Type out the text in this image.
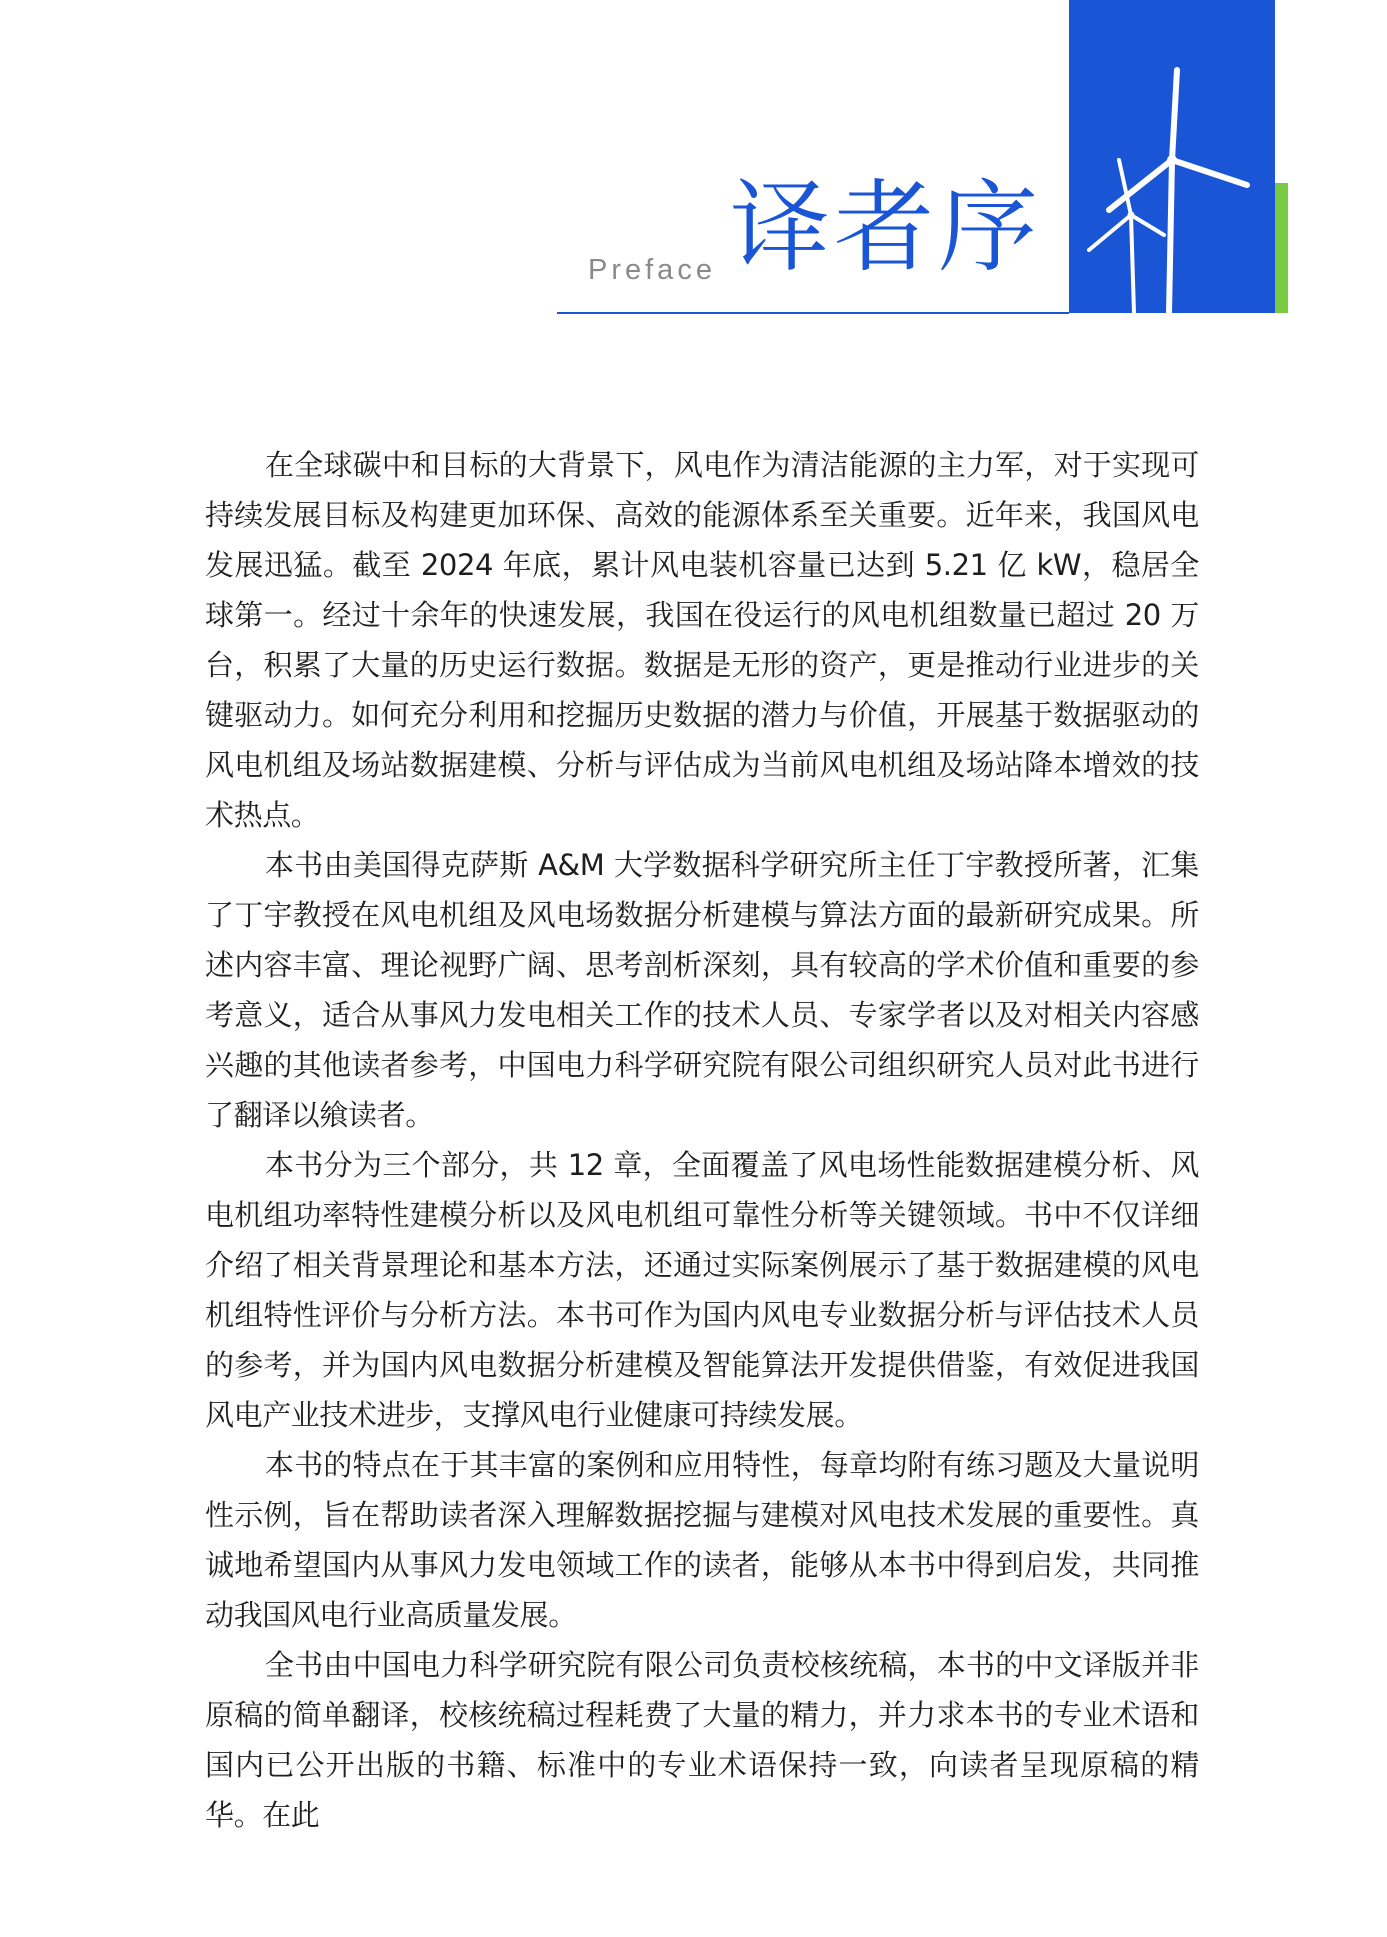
Preface 译者序

在全球碳中和目标的大背景下，风电作为清洁能源的主力军，对于实现可持续发展目标及构建更加环保、高效的能源体系至关重要。近年来，我国风电发展迅猛。截至 2024 年底，累计风电装机容量已达到 5.21 亿 kW，稳居全球第一。经过十余年的快速发展，我国在役运行的风电机组数量已超过 20 万台，积累了大量的历史运行数据。数据是无形的资产，更是推动行业进步的关键驱动力。如何充分利用和挖掘历史数据的潜力与价值，开展基于数据驱动的风电机组及场站数据建模、分析与评估成为当前风电机组及场站降本增效的技术热点。

本书由美国得克萨斯 A&M 大学数据科学研究所主任丁宇教授所著，汇集了丁宇教授在风电机组及风电场数据分析建模与算法方面的最新研究成果。所述内容丰富、理论视野广阔、思考剖析深刻，具有较高的学术价值和重要的参考意义，适合从事风力发电相关工作的技术人员、专家学者以及对相关内容感兴趣的其他读者参考，中国电力科学研究院有限公司组织研究人员对此书进行了翻译以飨读者。

本书分为三个部分，共 12 章，全面覆盖了风电场性能数据建模分析、风电机组功率特性建模分析以及风电机组可靠性分析等关键领域。书中不仅详细介绍了相关背景理论和基本方法，还通过实际案例展示了基于数据建模的风电机组特性评价与分析方法。本书可作为国内风电专业数据分析与评估技术人员的参考，并为国内风电数据分析建模及智能算法开发提供借鉴，有效促进我国风电产业技术进步，支撑风电行业健康可持续发展。

本书的特点在于其丰富的案例和应用特性，每章均附有练习题及大量说明性示例，旨在帮助读者深入理解数据挖掘与建模对风电技术发展的重要性。真诚地希望国内从事风力发电领域工作的读者，能够从本书中得到启发，共同推动我国风电行业高质量发展。

全书由中国电力科学研究院有限公司负责校核统稿，本书的中文译版并非原稿的简单翻译，校核统稿过程耗费了大量的精力，并力求本书的专业术语和国内已公开出版的书籍、标准中的专业术语保持一致，向读者呈现原稿的精华。在此
